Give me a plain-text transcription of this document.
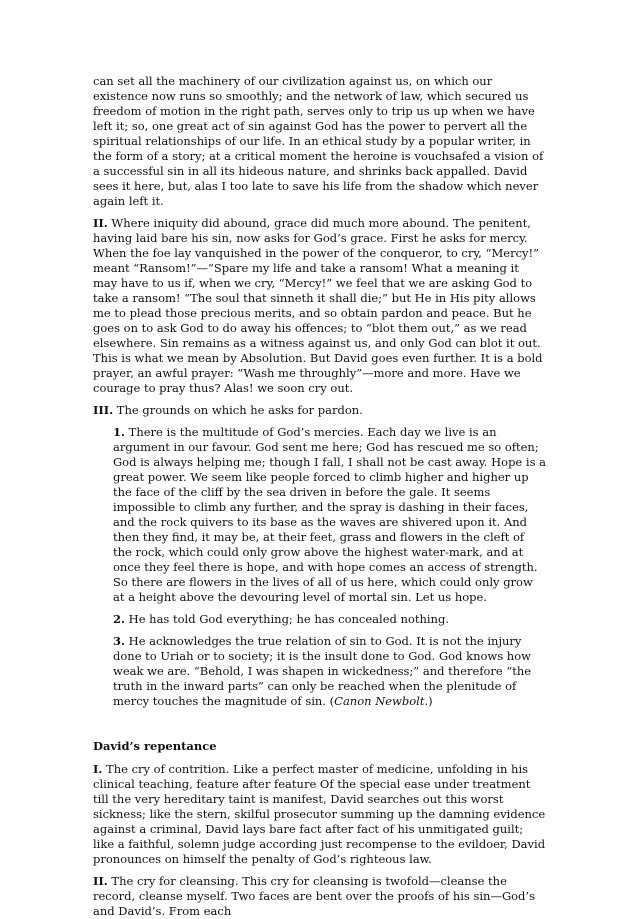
can set all the machinery of our civilization against us, on which our existence now runs so smoothly; and the network of law, which secured us freedom of motion in the right path, serves only to trip us up when we have left it; so, one great act of sin against God has the power to pervert all the spiritual relationships of our life. In an ethical study by a popular writer, in the form of a story; at a critical moment the heroine is vouchsafed a vision of a successful sin in all its hideous nature, and shrinks back appalled. David sees it here, but, alas I too late to save his life from the shadow which never again left it.

II. Where iniquity did abound, grace did much more abound. The penitent, having laid bare his sin, now asks for God’s grace. First he asks for mercy. When the foe lay vanquished in the power of the conqueror, to cry, “Mercy!” meant “Ransom!”—“Spare my life and take a ransom! What a meaning it may have to us if, when we cry, “Mercy!” we feel that we are asking God to take a ransom! “The soul that sinneth it shall die;” but He in His pity allows me to plead those precious merits, and so obtain pardon and peace. But he goes on to ask God to do away his offences; to “blot them out,” as we read elsewhere. Sin remains as a witness against us, and only God can blot it out. This is what we mean by Absolution. But David goes even further. It is a bold prayer, an awful prayer: “Wash me throughly”—more and more. Have we courage to pray thus? Alas! we soon cry out.

III. The grounds on which he asks for pardon.

1. There is the multitude of God’s mercies. Each day we live is an argument in our favour. God sent me here; God has rescued me so often; God is always helping me; though I fall, I shall not be cast away. Hope is a great power. We seem like people forced to climb higher and higher up the face of the cliff by the sea driven in before the gale. It seems impossible to climb any further, and the spray is dashing in their faces, and the rock quivers to its base as the waves are shivered upon it. And then they find, it may be, at their feet, grass and flowers in the cleft of the rock, which could only grow above the highest water-mark, and at once they feel there is hope, and with hope comes an access of strength. So there are flowers in the lives of all of us here, which could only grow at a height above the devouring level of mortal sin. Let us hope.

2. He has told God everything; he has concealed nothing.

3. He acknowledges the true relation of sin to God. It is not the injury done to Uriah or to society; it is the insult done to God. God knows how weak we are. “Behold, I was shapen in wickedness;” and therefore “the truth in the inward parts” can only be reached when the plenitude of mercy touches the magnitude of sin. (Canon Newbolt.)

David’s repentance

I. The cry of contrition. Like a perfect master of medicine, unfolding in his clinical teaching, feature after feature Of the special ease under treatment till the very hereditary taint is manifest, David searches out this worst sickness; like the stern, skilful prosecutor summing up the damning evidence against a criminal, David lays bare fact after fact of his unmitigated guilt; like a faithful, solemn judge according just recompense to the evildoer, David pronounces on himself the penalty of God’s righteous law.

II. The cry for cleansing. This cry for cleansing is twofold—cleanse the record, cleanse myself. Two faces are bent over the proofs of his sin—God’s and David’s. From each
